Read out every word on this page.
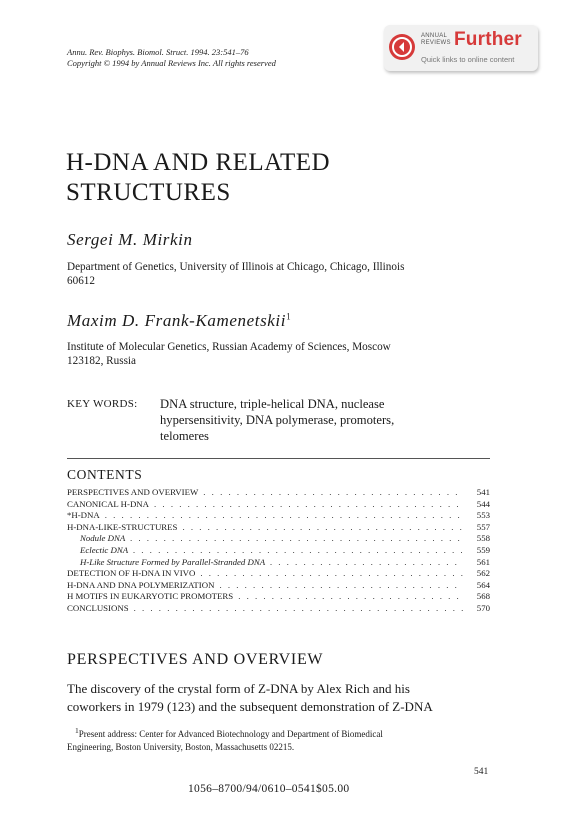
Annu. Rev. Biophys. Biomol. Struct. 1994. 23:541–76
Copyright © 1994 by Annual Reviews Inc. All rights reserved
ANNUAL
REVIEWS Further
Quick links to online content
H-DNA AND RELATED
STRUCTURES
Sergei M. Mirkin
Department of Genetics, University of Illinois at Chicago, Chicago, Illinois
60612
Maxim D. Frank-Kamenetskii$^1$
Institute of Molecular Genetics, Russian Academy of Sciences, Moscow
123182, Russia
KEY WORDS: DNA structure, triple-helical DNA, nuclease
hypersensitivity, DNA polymerase, promoters,
telomeres
CONTENTS
PERSPECTIVES AND OVERVIEW . . .	541
CANONICAL H-DNA . . .	544
*H-DNA . . .	553
H-DNA-LIKE-STRUCTURES . . .	557
Nodule DNA . . .	558
Eclectic DNA . . .	559
H-Like Structure Formed by Parallel-Stranded DNA . . .	561
DETECTION OF H-DNA IN VIVO . . .	562
H-DNA AND DNA POLYMERIZATION . . .	564
H MOTIFS IN EUKARYOTIC PROMOTERS . . .	568
CONCLUSIONS . . .	570
PERSPECTIVES AND OVERVIEW
The discovery of the crystal form of Z-DNA by Alex Rich and his
coworkers in 1979 (123) and the subsequent demonstration of Z-DNA
$^1$Present address: Center for Advanced Biotechnology and Department of Biomedical
Engineering, Boston University, Boston, Massachusetts 02215.
541
1056–8700/94/0610–0541$05.00
